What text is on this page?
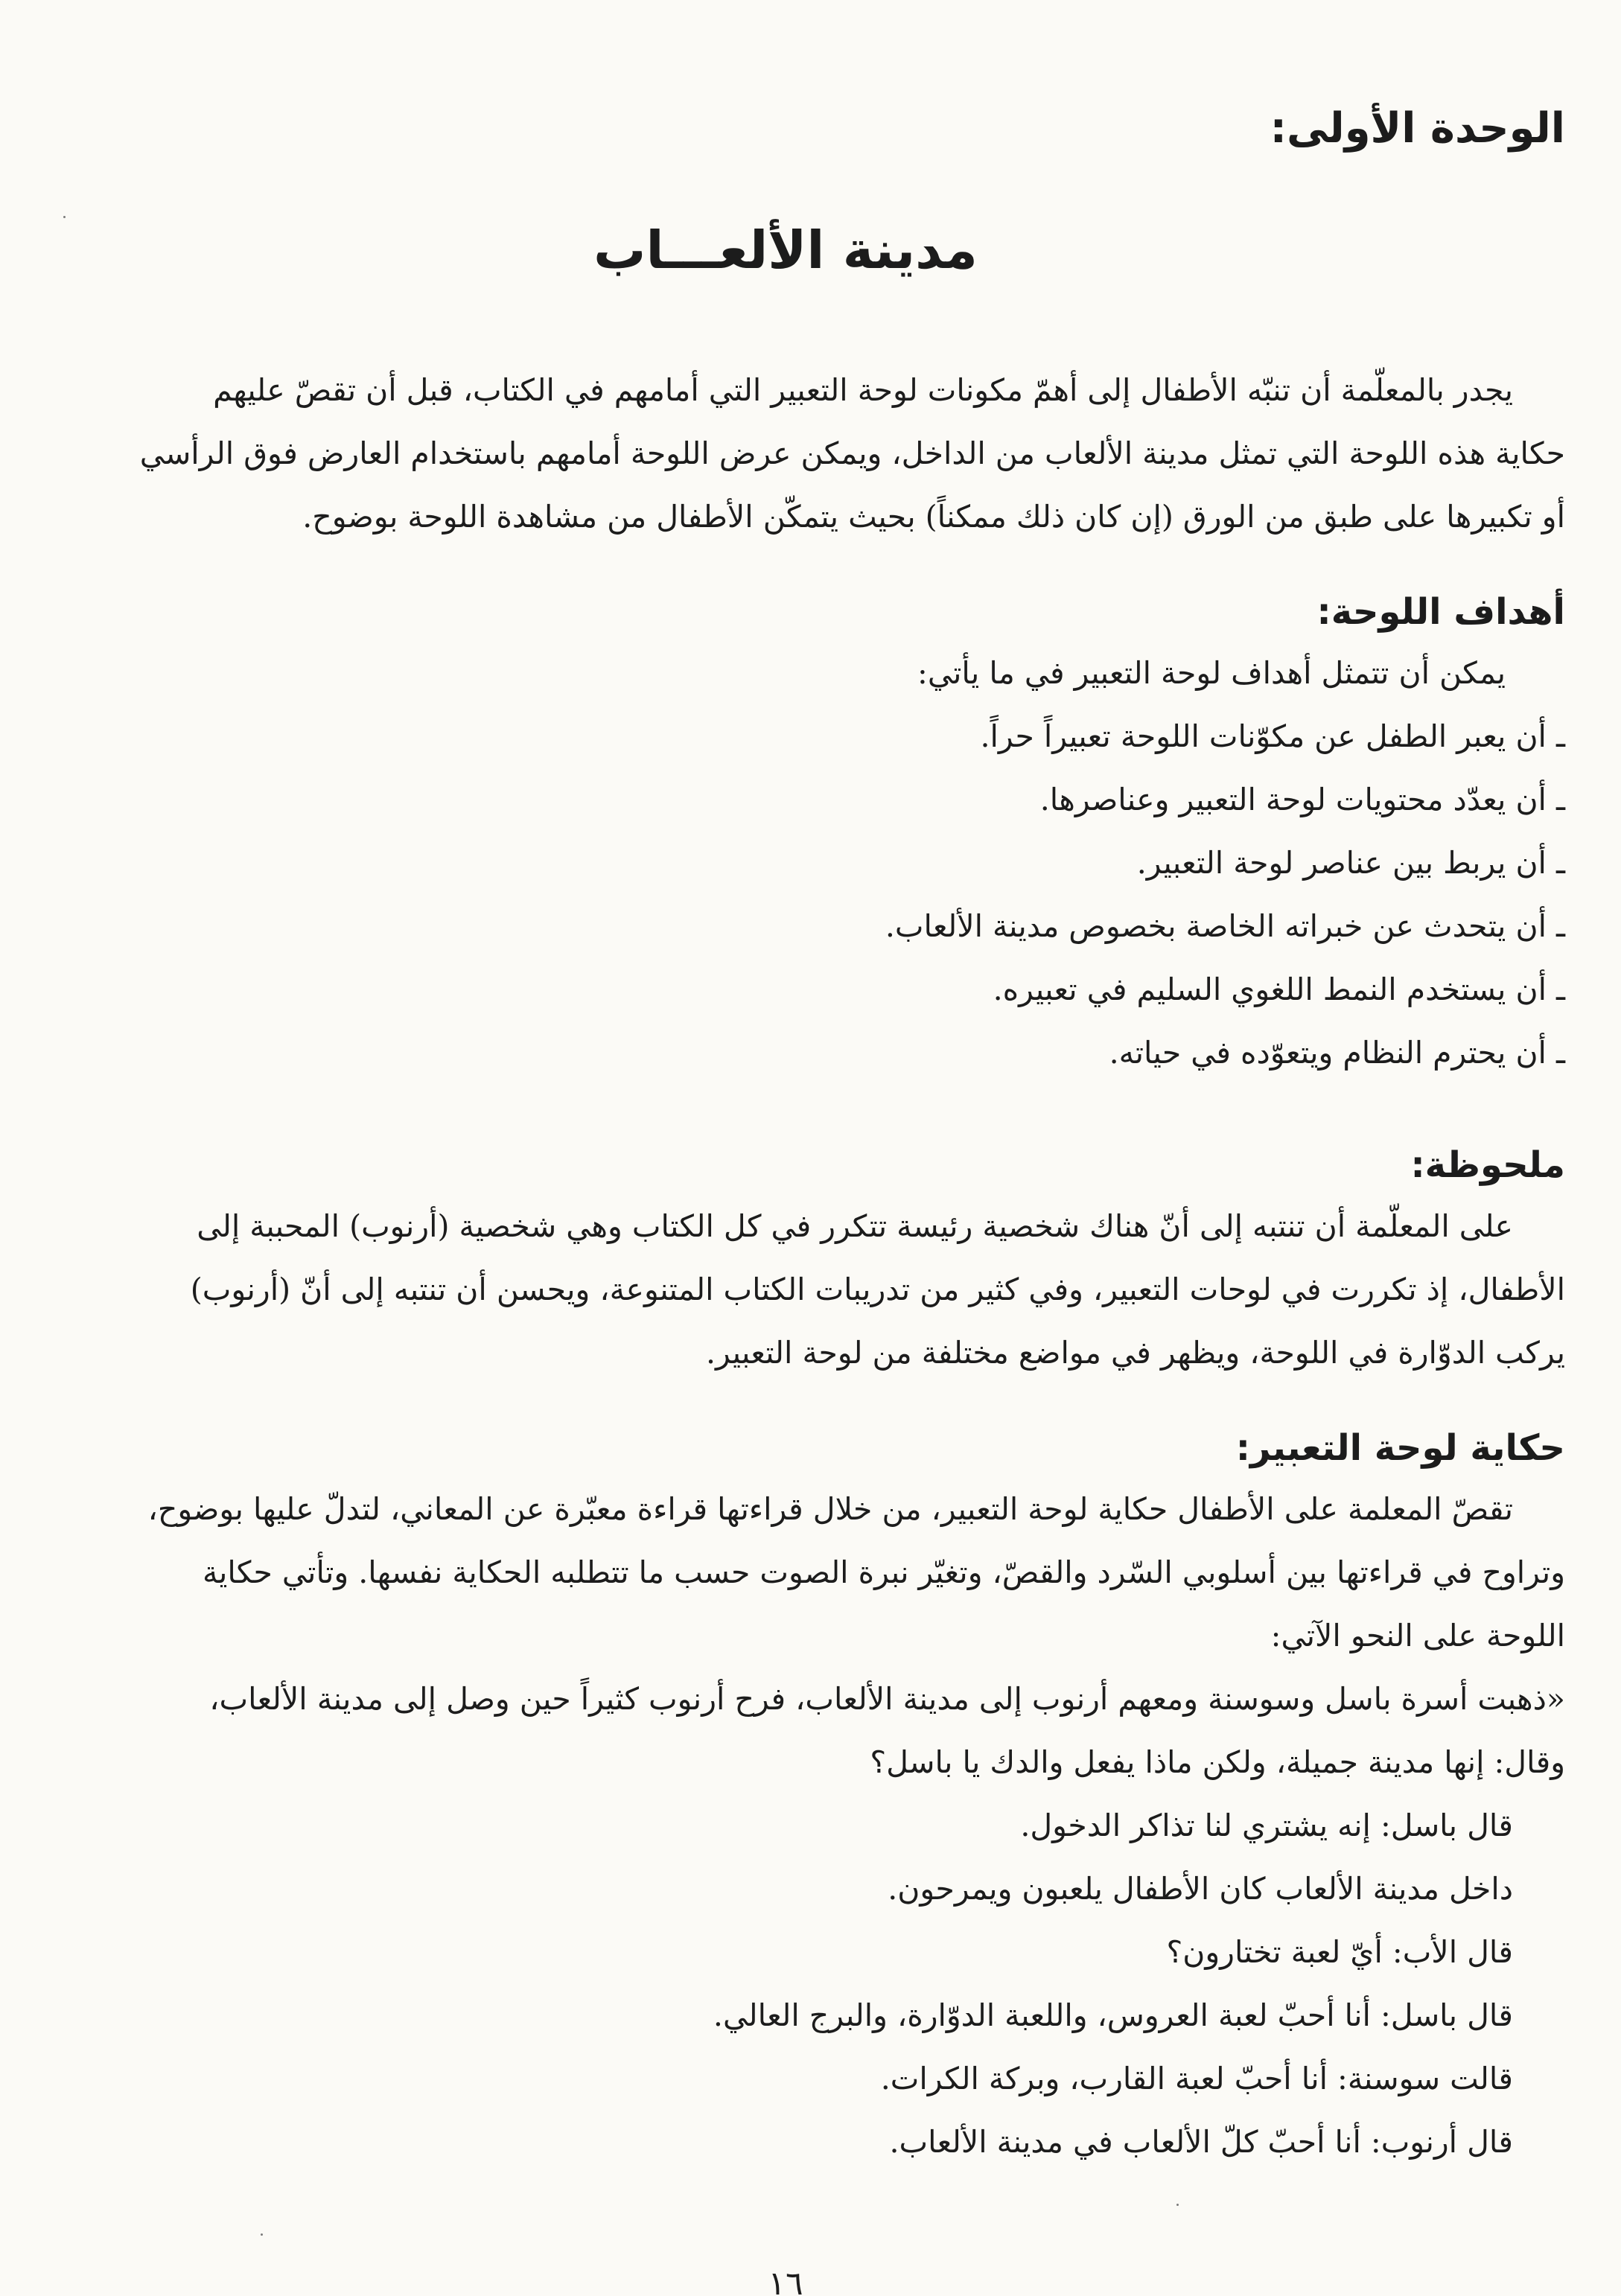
الوحدة الأولى:
مدينة الألعـــاب
يجدر بالمعلّمة أن تنبّه الأطفال إلى أهمّ مكونات لوحة التعبير التي أمامهم في الكتاب، قبل أن تقصّ عليهم
حكاية هذه اللوحة التي تمثل مدينة الألعاب من الداخل، ويمكن عرض اللوحة أمامهم باستخدام العارض فوق الرأسي
أو تكبيرها على طبق من الورق (إن كان ذلك ممكناً) بحيث يتمكّن الأطفال من مشاهدة اللوحة بوضوح.
أهداف اللوحة:
يمكن أن تتمثل أهداف لوحة التعبير في ما يأتي:
ـ أن يعبر الطفل عن مكوّنات اللوحة تعبيراً حراً.
ـ أن يعدّد محتويات لوحة التعبير وعناصرها.
ـ أن يربط بين عناصر لوحة التعبير.
ـ أن يتحدث عن خبراته الخاصة بخصوص مدينة الألعاب.
ـ أن يستخدم النمط اللغوي السليم في تعبيره.
ـ أن يحترم النظام ويتعوّده في حياته.
ملحوظة:
على المعلّمة أن تنتبه إلى أنّ هناك شخصية رئيسة تتكرر في كل الكتاب وهي شخصية (أرنوب) المحببة إلى
الأطفال، إذ تكررت في لوحات التعبير، وفي كثير من تدريبات الكتاب المتنوعة، ويحسن أن تنتبه إلى أنّ (أرنوب)
يركب الدوّارة في اللوحة، ويظهر في مواضع مختلفة من لوحة التعبير.
حكاية لوحة التعبير:
تقصّ المعلمة على الأطفال حكاية لوحة التعبير، من خلال قراءتها قراءة معبّرة عن المعاني، لتدلّ عليها بوضوح،
وتراوح في قراءتها بين أسلوبي السّرد والقصّ، وتغيّر نبرة الصوت حسب ما تتطلبه الحكاية نفسها. وتأتي حكاية
اللوحة على النحو الآتي:
«ذهبت أسرة باسل وسوسنة ومعهم أرنوب إلى مدينة الألعاب، فرح أرنوب كثيراً حين وصل إلى مدينة الألعاب،
وقال: إنها مدينة جميلة، ولكن ماذا يفعل والدك يا باسل؟
قال باسل: إنه يشتري لنا تذاكر الدخول.
داخل مدينة الألعاب كان الأطفال يلعبون ويمرحون.
قال الأب: أيّ لعبة تختارون؟
قال باسل: أنا أحبّ لعبة العروس، واللعبة الدوّارة، والبرج العالي.
قالت سوسنة: أنا أحبّ لعبة القارب، وبركة الكرات.
قال أرنوب: أنا أحبّ كلّ الألعاب في مدينة الألعاب.
١٦
